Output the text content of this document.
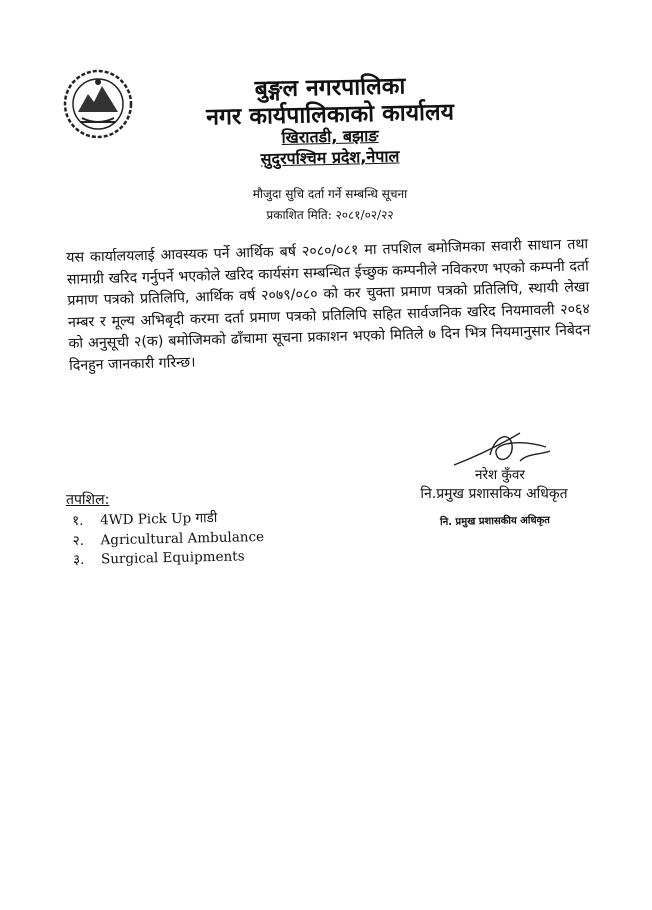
बुङ्गल नगरपालिका
नगर कार्यपालिकाको कार्यालय
खिरातडी, बझाङ
सुदुरपश्चिम प्रदेश,नेपाल
मौजुदा सुचि दर्ता गर्ने सम्बन्धि सूचना
प्रकाशित मिति: २०८१/०२/२२
यस कार्यालयलाई आवस्यक पर्ने आर्थिक बर्ष २०८०/०८१ मा तपशिल बमोजिमका सवारी साधान तथा सामाग्री खरिद गर्नुपर्ने भएकोले खरिद कार्यसंग सम्बन्धित ईच्छुक कम्पनीले नविकरण भएको कम्पनी दर्ता प्रमाण पत्रको प्रतिलिपि, आर्थिक वर्ष २०७९/०८० को कर चुक्ता प्रमाण पत्रको प्रतिलिपि, स्थायी लेखा नम्बर र मूल्य अभिबृदी करमा दर्ता प्रमाण पत्रको प्रतिलिपि सहित सार्वजनिक खरिद नियमावली २०६४ को अनुसूची २(क) बमोजिमको ढाँचामा सूचना प्रकाशन भएको मितिले ७ दिन भित्र नियमानुसार निबेदन दिनहुन जानकारी गरिन्छ।
नरेश कुँवर
नि.प्रमुख प्रशासकिय अधिकृत
नि. प्रमुख प्रशासकीय अधिकृत
तपशिल:
१.	4WD Pick Up गाडी
२.	Agricultural Ambulance
३.	Surgical Equipments
